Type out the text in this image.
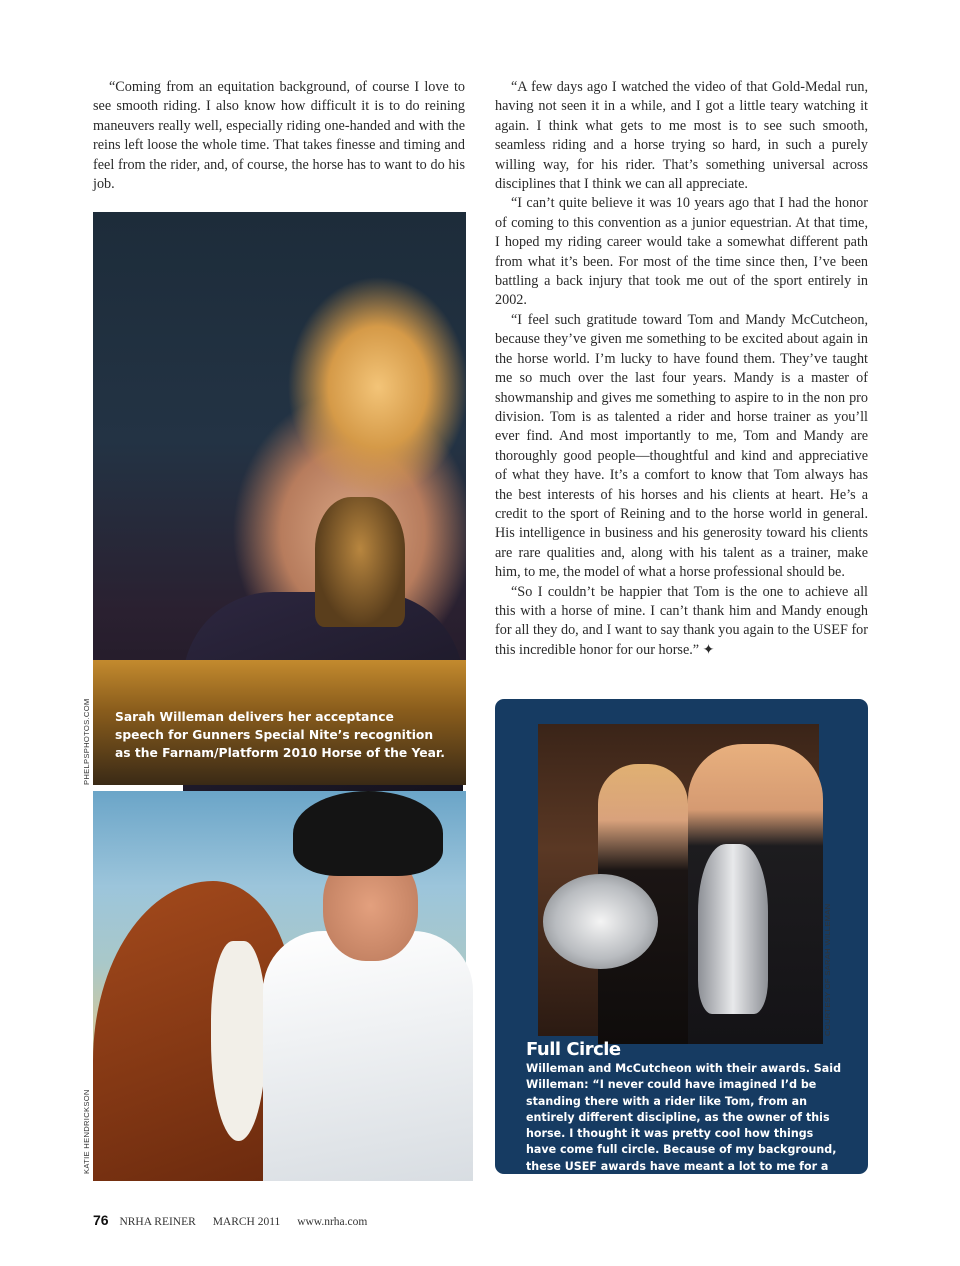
“Coming from an equitation background, of course I love to see smooth riding. I also know how difficult it is to do reining maneuvers really well, especially riding one-handed and with the reins left loose the whole time. That takes finesse and timing and feel from the rider, and, of course, the horse has to want to do his job.

“A few days ago I watched the video of that Gold-Medal run, having not seen it in a while, and I got a little teary watching it again. I think what gets to me most is to see such smooth, seamless riding and a horse trying so hard, in such a purely willing way, for his rider. That’s something universal across disciplines that I think we can all appreciate.

“I can’t quite believe it was 10 years ago that I had the honor of coming to this convention as a junior equestrian. At that time, I hoped my riding career would take a somewhat different path from what it’s been. For most of the time since then, I’ve been battling a back injury that took me out of the sport entirely in 2002.

“I feel such gratitude toward Tom and Mandy McCutcheon, because they’ve given me something to be excited about again in the horse world. I’m lucky to have found them. They’ve taught me so much over the last four years. Mandy is a master of showmanship and gives me something to aspire to in the non pro division. Tom is as talented a rider and horse trainer as you’ll ever find. And most importantly to me, Tom and Mandy are thoroughly good people—thoughtful and kind and appreciative of what they have. It’s a comfort to know that Tom always has the best interests of his horses and his clients at heart. He’s a credit to the sport of Reining and to the horse world in general. His intelligence in business and his generosity toward his clients are rare qualities and, along with his talent as a trainer, make him, to me, the model of what a horse professional should be.

“So I couldn’t be happier that Tom is the one to achieve all this with a horse of mine. I can’t thank him and Mandy enough for all they do, and I want to say thank you again to the USEF for this incredible honor for our horse.” ✦

Sarah Willeman delivers her acceptance speech for Gunners Special Nite’s recognition as the Farnam/Platform 2010 Horse of the Year.
PHELPSPHOTOS.COM
KATIE HENDRICKSON
Full Circle
Willeman and McCutcheon with their awards. Said Willeman: “I never could have imagined I’d be standing there with a rider like Tom, from an entirely different discipline, as the owner of this horse. I thought it was pretty cool how things have come full circle. Because of my background, these USEF awards have meant a lot to me for a long time.”
COURTESY OF SARAH WILLEMAN
76 NRHA REINER MARCH 2011 www.nrha.com
